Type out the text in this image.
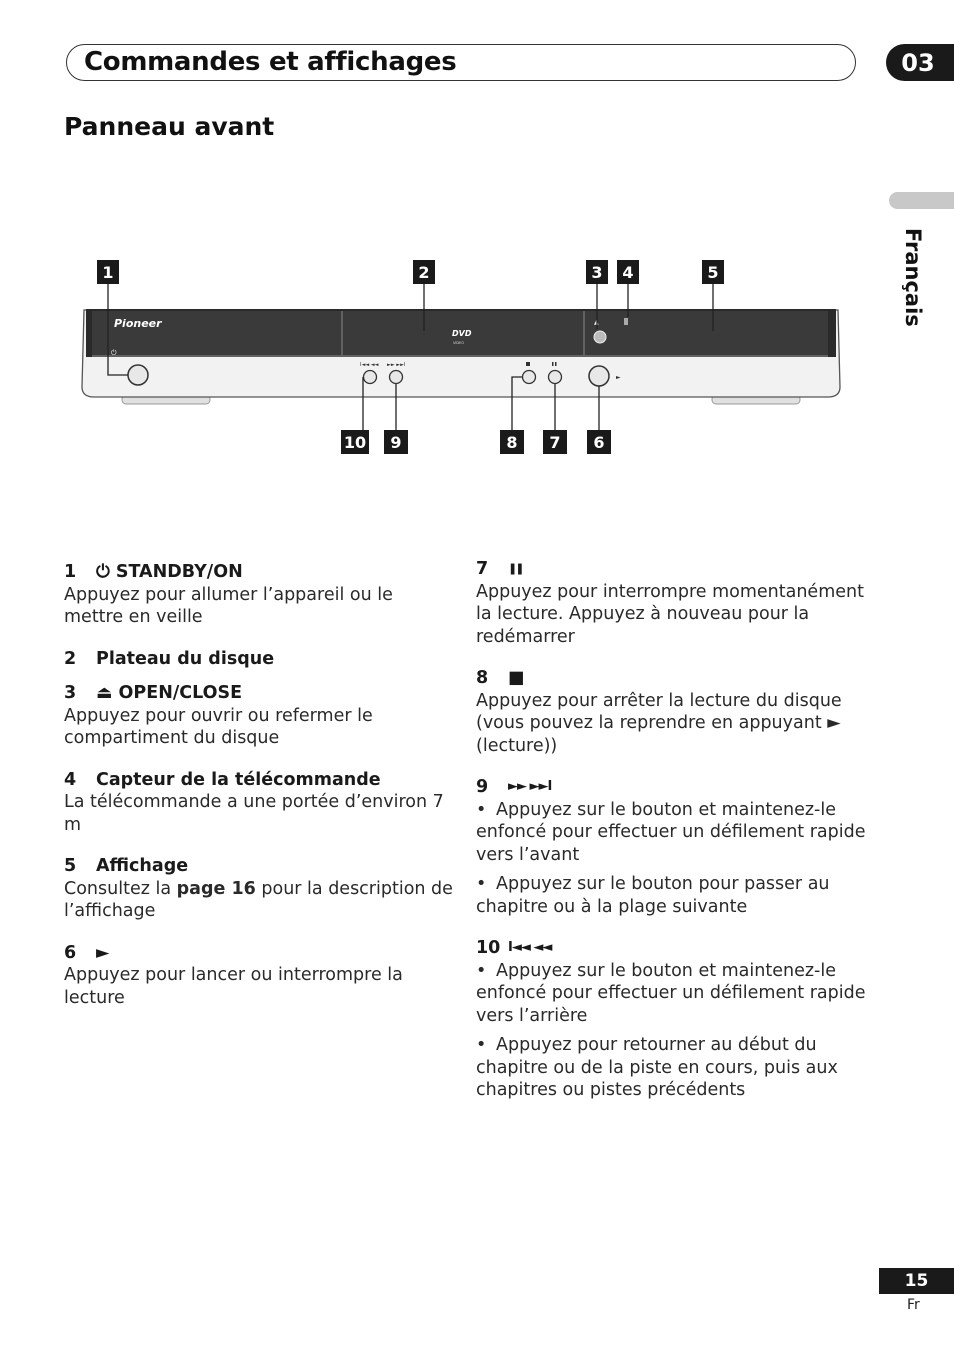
Commandes et affichages	03
Panneau avant
Français
Pioneer
DVD
VIDEO
⏻
▲
I◄◄ ◄◄ ►► ►►I
►
1	2	3 4	5
6
7
8
9
10
1	⏻ STANDBY/ON
Appuyez pour allumer l’appareil ou le mettre en veille
2	Plateau du disque
3	⏏ OPEN/CLOSE
Appuyez pour ouvrir ou refermer le compartiment du disque
4	Capteur de la télécommande
La télécommande a une portée d’environ 7 m
5	Affichage
Consultez la page 16 pour la description de l’affichage
6	►
Appuyez pour lancer ou interrompre la lecture
7	❚❚
Appuyez pour interrompre momentanément la lecture. Appuyez à nouveau pour la redémarrer
8	■
Appuyez pour arrêter la lecture du disque (vous pouvez la reprendre en appuyant ► (lecture))
9	►► ►►I
• Appuyez sur le bouton et maintenez-le enfoncé pour effectuer un défilement rapide vers l’avant
• Appuyez sur le bouton pour passer au chapitre ou à la plage suivante
10 I◄◄ ◄◄
• Appuyez sur le bouton et maintenez-le enfoncé pour effectuer un défilement rapide vers l’arrière
• Appuyez pour retourner au début du chapitre ou de la piste en cours, puis aux chapitres ou pistes précédents
15
Fr
